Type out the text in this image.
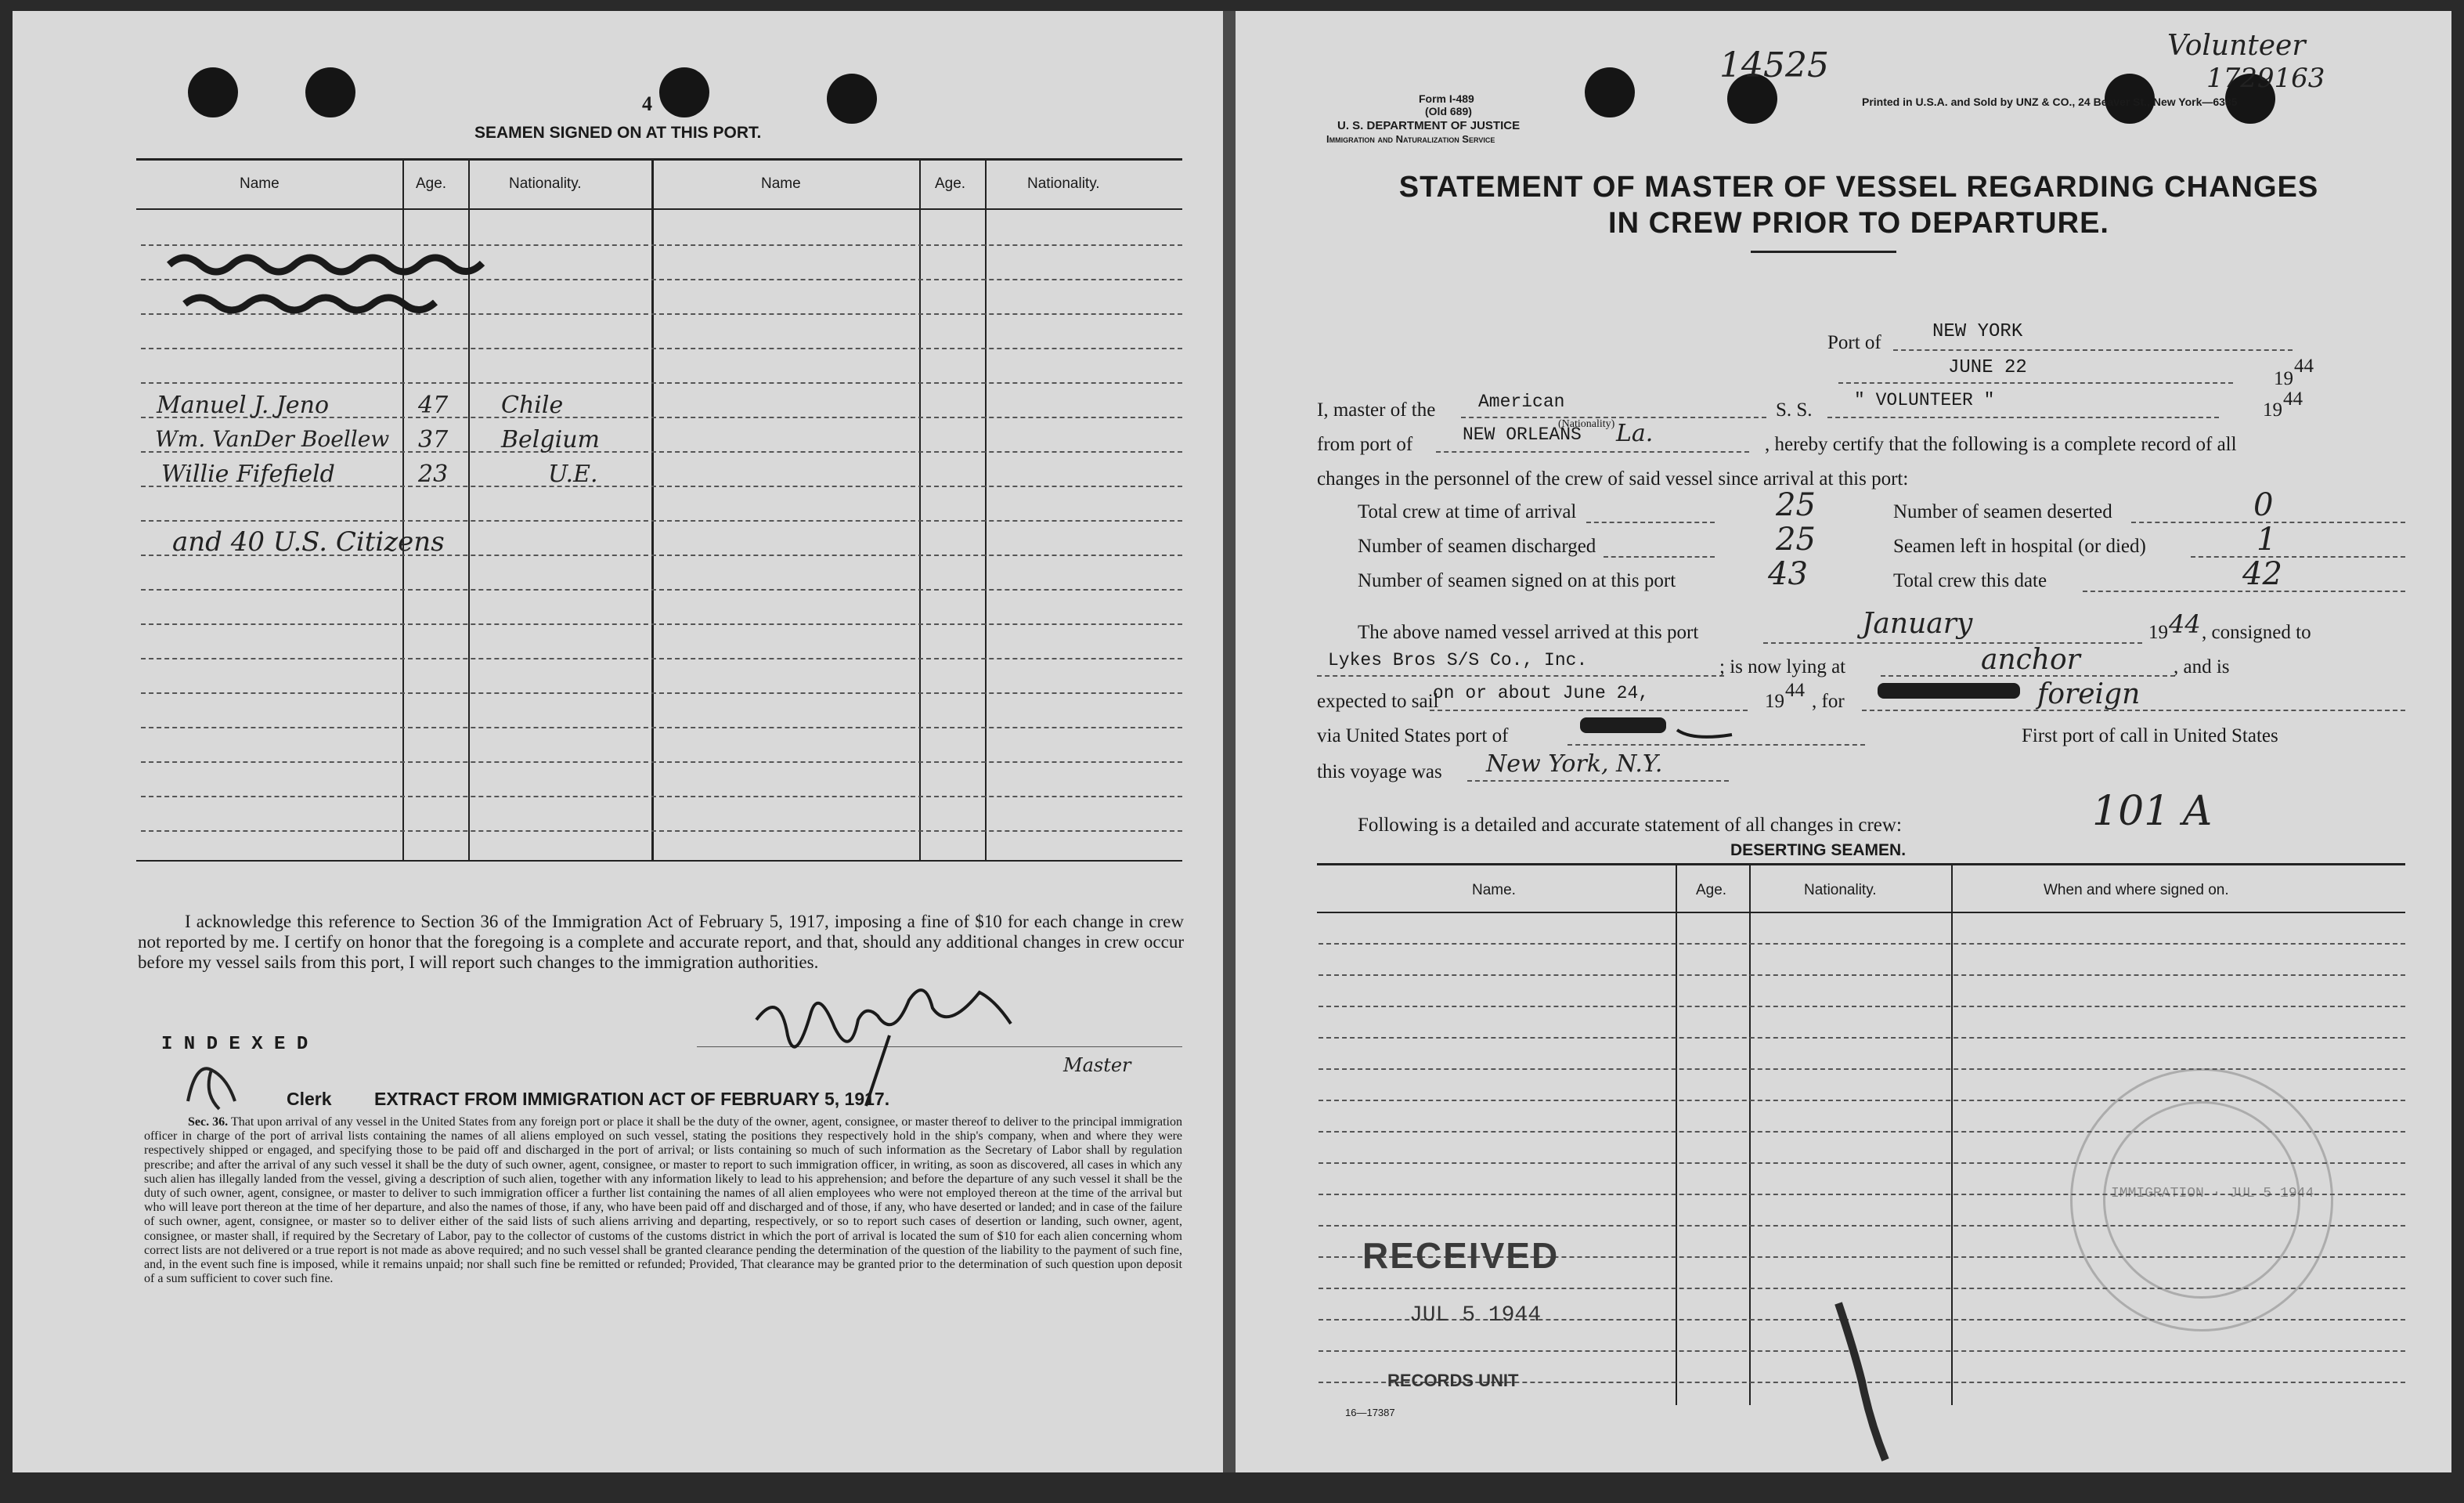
4
SEAMEN SIGNED ON AT THIS PORT.
Name	Age.	Nationality.	Name	Age.	Nationality.
Manuel J. Jeno	47 Chile
Wm. VanDer Boellew 37 Belgium
Willie Fifefield	23	U.E.
and 40 U.S. Citizens
I acknowledge this reference to Section 36 of the Immigration Act of February 5, 1917, imposing a fine of $10 for each change in crew not reported by me. I certify on honor that the foregoing is a complete and accurate report, and that, should any additional changes in crew occur before my vessel sails from this port, I will report such changes to the immigration authorities.
I N D E X E D
Clerk
Master
EXTRACT FROM IMMIGRATION ACT OF FEBRUARY 5, 1917.
Sec. 36. That upon arrival of any vessel in the United States from any foreign port or place it shall be the duty of the owner, agent, consignee, or master thereof to deliver to the principal immigration officer in charge of the port of arrival lists containing the names of all aliens employed on such vessel, stating the positions they respectively hold in the ship's company, when and where they were respectively shipped or engaged, and specifying those to be paid off and discharged in the port of arrival; or lists containing so much of such information as the Secretary of Labor shall by regulation prescribe; and after the arrival of any such vessel it shall be the duty of such owner, agent, consignee, or master to report to such immigration officer, in writing, as soon as discovered, all cases in which any such alien has illegally landed from the vessel, giving a description of such alien, together with any information likely to lead to his apprehension; and before the departure of any such vessel it shall be the duty of such owner, agent, consignee, or master to deliver to such immigration officer a further list containing the names of all alien employees who were not employed thereon at the time of the arrival but who will leave port thereon at the time of her departure, and also the names of those, if any, who have been paid off and discharged and of those, if any, who have deserted or landed; and in case of the failure of such owner, agent, consignee, or master so to deliver either of the said lists of such aliens arriving and departing, respectively, or so to report such cases of desertion or landing, such owner, agent, consignee, or master shall, if required by the Secretary of Labor, pay to the collector of customs of the customs district in which the port of arrival is located the sum of $10 for each alien concerning whom correct lists are not delivered or a true report is not made as above required; and no such vessel shall be granted clearance pending the determination of the question of the liability to the payment of such fine, and, in the event such fine is imposed, while it remains unpaid; nor shall such fine be remitted or refunded; Provided, That clearance may be granted prior to the determination of such question upon deposit of a sum sufficient to cover such fine.
14525	Volunteer
1729163
Form I-489
(Old 689)
U. S. DEPARTMENT OF JUSTICE
Immigration and Naturalization Service
Printed in U.S.A. and Sold by UNZ & CO., 24 Beaver St., New York—6385
STATEMENT OF MASTER OF VESSEL REGARDING CHANGES
IN CREW PRIOR TO DEPARTURE.
Port of
NEW YORK
JUNE 22
19
44
I, master of the American
(Nationality)
S. S. " VOLUNTEER "	19
44
from port of	NEW ORLEANS La.	, hereby certify that the following is a complete record of all
changes in the personnel of the crew of said vessel since arrival at this port:
Total crew at time of arrival	25	Number of seamen deserted	0
Number of seamen discharged	25	Seamen left in hospital (or died)	1
Number of seamen signed on at this port	43	Total crew this date	42
The above named vessel arrived at this port	January	19 44 , consigned to
Lykes Bros S/S Co., Inc.	; is now lying at	anchor	, and is
expected to sail
on or about June 24,	19
44
, for	foreign
via United States port of	First port of call in United States
this voyage was New York, N.Y.
Following is a detailed and accurate statement of all changes in crew:	101 A
DESERTING SEAMEN.
Name.	Age.	Nationality.	When and where signed on.
RECEIVED
JUL 5 1944
RECORDS UNIT
16—17387
IMMIGRATION · JUL 5 1944
